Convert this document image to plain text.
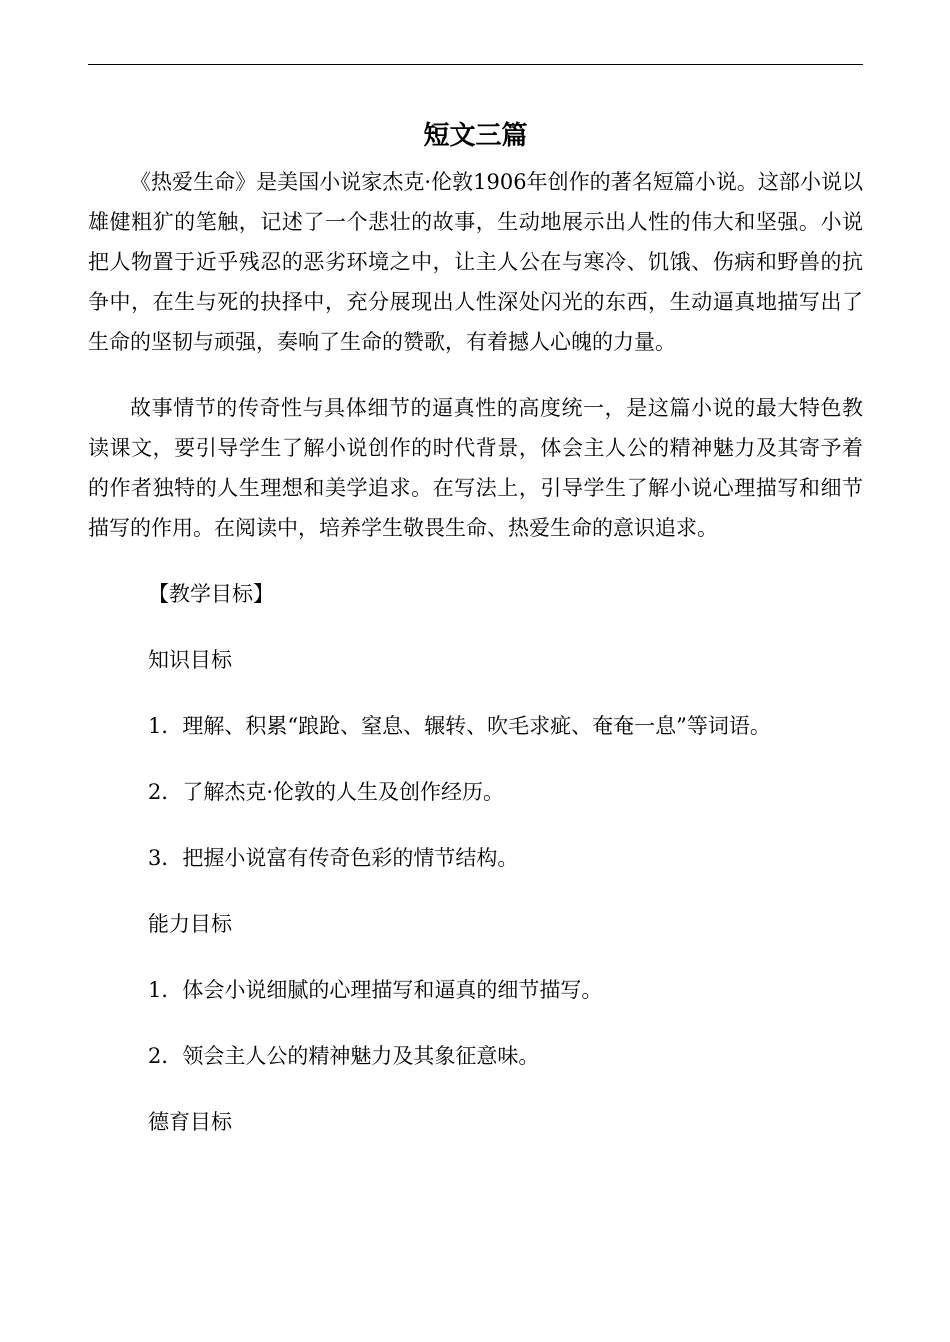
短文三篇

《热爱生命》是美国小说家杰克·伦敦1906年创作的著名短篇小说。这部小说以雄健粗犷的笔触，记述了一个悲壮的故事，生动地展示出人性的伟大和坚强。小说把人物置于近乎残忍的恶劣环境之中，让主人公在与寒冷、饥饿、伤病和野兽的抗争中，在生与死的抉择中，充分展现出人性深处闪光的东西，生动逼真地描写出了生命的坚韧与顽强，奏响了生命的赞歌，有着撼人心魄的力量。

故事情节的传奇性与具体细节的逼真性的高度统一，是这篇小说的最大特色教读课文，要引导学生了解小说创作的时代背景，体会主人公的精神魅力及其寄予着的作者独特的人生理想和美学追求。在写法上，引导学生了解小说心理描写和细节描写的作用。在阅读中，培养学生敬畏生命、热爱生命的意识追求。

【教学目标】
知识目标
1．理解、积累“踉跄、窒息、辗转、吹毛求疵、奄奄一息”等词语。
2．了解杰克·伦敦的人生及创作经历。
3．把握小说富有传奇色彩的情节结构。
能力目标
1．体会小说细腻的心理描写和逼真的细节描写。
2．领会主人公的精神魅力及其象征意味。
德育目标
